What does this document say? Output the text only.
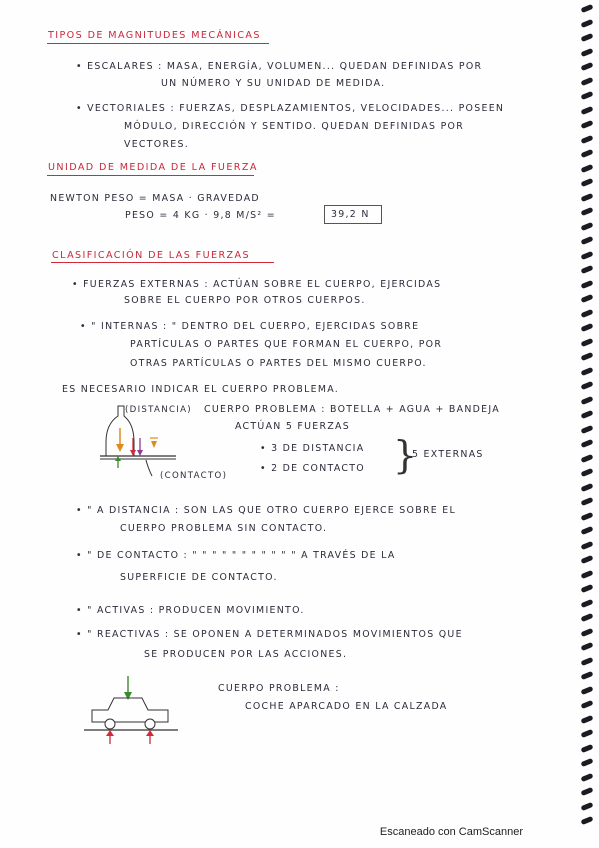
TIPOS DE MAGNITUDES MECÁNICAS
• ESCALARES : MASA, ENERGÍA, VOLUMEN... QUEDAN DEFINIDAS POR
UN NÚMERO Y SU UNIDAD DE MEDIDA.
• VECTORIALES : FUERZAS, DESPLAZAMIENTOS, VELOCIDADES... POSEEN
MÓDULO, DIRECCIÓN Y SENTIDO. QUEDAN DEFINIDAS POR
VECTORES.
UNIDAD DE MEDIDA DE LA FUERZA
NEWTON PESO = MASA · GRAVEDAD
PESO = 4 KG · 9,8 M/S² =	39,2 N
CLASIFICACIÓN DE LAS FUERZAS
• FUERZAS EXTERNAS : ACTÚAN SOBRE EL CUERPO, EJERCIDAS
SOBRE EL CUERPO POR OTROS CUERPOS.
• " INTERNAS : " DENTRO DEL CUERPO, EJERCIDAS SOBRE
PARTÍCULAS O PARTES QUE FORMAN EL CUERPO, POR
OTRAS PARTÍCULAS O PARTES DEL MISMO CUERPO.
ES NECESARIO INDICAR EL CUERPO PROBLEMA.
(DISTANCIA)
(CONTACTO)
CUERPO PROBLEMA : BOTELLA + AGUA + BANDEJA
ACTÚAN 5 FUERZAS
• 3 DE DISTANCIA
• 2 DE CONTACTO }
5 EXTERNAS
• " A DISTANCIA : SON LAS QUE OTRO CUERPO EJERCE SOBRE EL
CUERPO PROBLEMA SIN CONTACTO.
• " DE CONTACTO : " " " " " " " " " " " A TRAVÉS DE LA
SUPERFICIE DE CONTACTO.
• " ACTIVAS : PRODUCEN MOVIMIENTO.
• " REACTIVAS : SE OPONEN A DETERMINADOS MOVIMIENTOS QUE
SE PRODUCEN POR LAS ACCIONES.
CUERPO PROBLEMA :
COCHE APARCADO EN LA CALZADA
Escaneado con CamScanner
